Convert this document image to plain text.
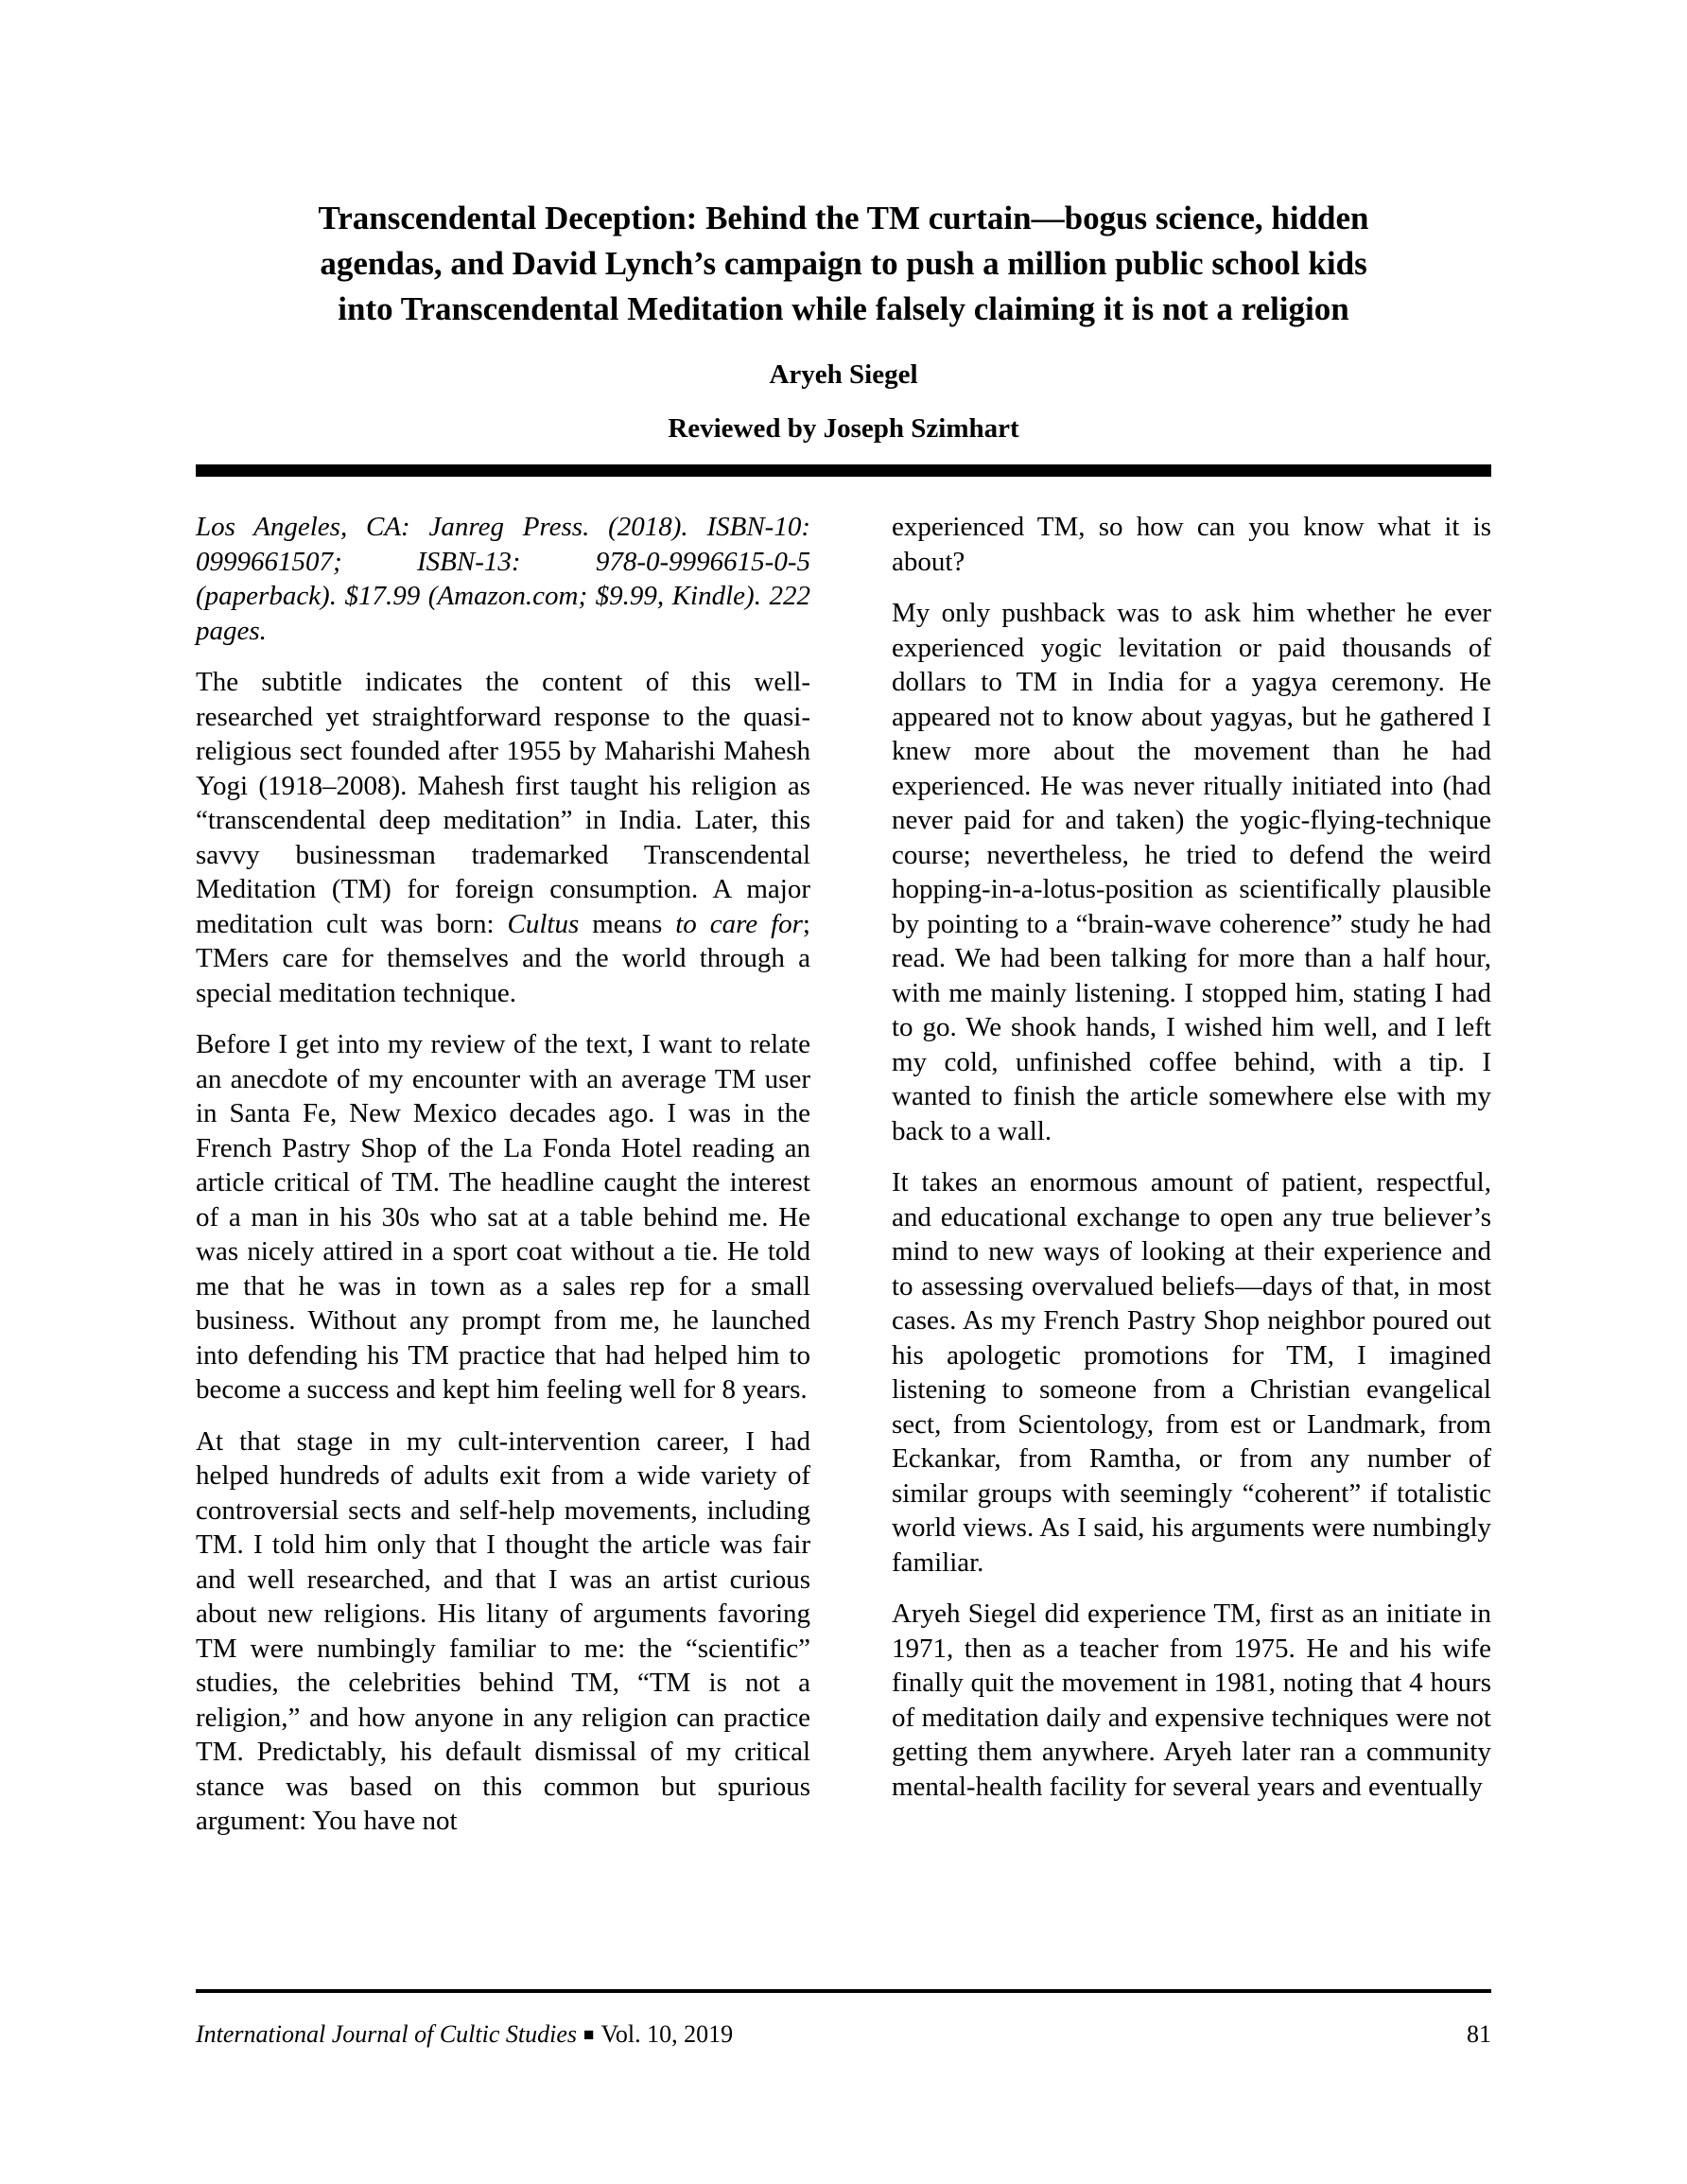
Transcendental Deception: Behind the TM curtain—bogus science, hidden
agendas, and David Lynch’s campaign to push a million public school kids
into Transcendental Meditation while falsely claiming it is not a religion
Aryeh Siegel
Reviewed by Joseph Szimhart

Los Angeles, CA: Janreg Press. (2018). ISBN-10: 0999661507; ISBN-13: 978-0-9996615-0-5 (paperback). $17.99 (Amazon.com; $9.99, Kindle). 222 pages.

The subtitle indicates the content of this well-researched yet straightforward response to the quasi-religious sect founded after 1955 by Maharishi Mahesh Yogi (1918–2008). Mahesh first taught his religion as “transcendental deep meditation” in India. Later, this savvy businessman trademarked Transcendental Meditation (TM) for foreign consumption. A major meditation cult was born: Cultus means to care for; TMers care for themselves and the world through a special meditation technique.

Before I get into my review of the text, I want to relate an anecdote of my encounter with an average TM user in Santa Fe, New Mexico decades ago. I was in the French Pastry Shop of the La Fonda Hotel reading an article critical of TM. The headline caught the interest of a man in his 30s who sat at a table behind me. He was nicely attired in a sport coat without a tie. He told me that he was in town as a sales rep for a small business. Without any prompt from me, he launched into defending his TM practice that had helped him to become a success and kept him feeling well for 8 years.

At that stage in my cult-intervention career, I had helped hundreds of adults exit from a wide variety of controversial sects and self-help movements, including TM. I told him only that I thought the article was fair and well researched, and that I was an artist curious about new religions. His litany of arguments favoring TM were numbingly familiar to me: the “scientific” studies, the celebrities behind TM, “TM is not a religion,” and how anyone in any religion can practice TM. Predictably, his default dismissal of my critical stance was based on this common but spurious argument: You have not

experienced TM, so how can you know what it is about?

My only pushback was to ask him whether he ever experienced yogic levitation or paid thousands of dollars to TM in India for a yagya ceremony. He appeared not to know about yagyas, but he gathered I knew more about the movement than he had experienced. He was never ritually initiated into (had never paid for and taken) the yogic-flying-technique course; nevertheless, he tried to defend the weird hopping-in-a-lotus-position as scientifically plausible by pointing to a “brain-wave coherence” study he had read. We had been talking for more than a half hour, with me mainly listening. I stopped him, stating I had to go. We shook hands, I wished him well, and I left my cold, unfinished coffee behind, with a tip. I wanted to finish the article somewhere else with my back to a wall.

It takes an enormous amount of patient, respectful, and educational exchange to open any true believer’s mind to new ways of looking at their experience and to assessing overvalued beliefs—days of that, in most cases. As my French Pastry Shop neighbor poured out his apologetic promotions for TM, I imagined listening to someone from a Christian evangelical sect, from Scientology, from est or Landmark, from Eckankar, from Ramtha, or from any number of similar groups with seemingly “coherent” if totalistic world views. As I said, his arguments were numbingly familiar.

Aryeh Siegel did experience TM, first as an initiate in 1971, then as a teacher from 1975. He and his wife finally quit the movement in 1981, noting that 4 hours of meditation daily and expensive techniques were not getting them anywhere. Aryeh later ran a community mental-health facility for several years and eventually

International Journal of Cultic Studies ■ Vol. 10, 2019	81
